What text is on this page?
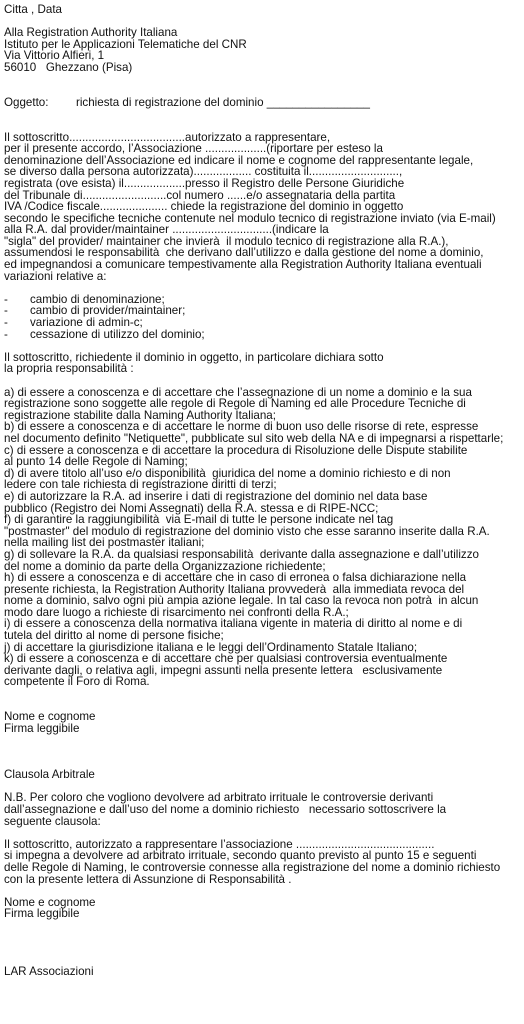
Citta , Data
Alla Registration Authority Italiana
Istituto per le Applicazioni Telematiche del CNR
Via Vittorio Alfieri, 1
56010   Ghezzano (Pisa)
Oggetto: richiesta di registrazione del dominio ________________
Il sottoscritto....................................autorizzato a rappresentare,
per il presente accordo, l’Associazione ...................(riportare per esteso la
denominazione dell’Associazione ed indicare il nome e cognome del rappresentante legale,
se diverso dalla persona autorizzata).................. costituita il............................,
registrata (ove esista) il...................presso il Registro delle Persone Giuridiche
del Tribunale di..........................col numero ......e/o assegnataria della partita
IVA /Codice fiscale..................... chiede la registrazione del dominio in oggetto
secondo le specifiche tecniche contenute nel modulo tecnico di registrazione inviato (via E-mail)
alla R.A. dal provider/maintainer ...............................(indicare la
"sigla" del provider/ maintainer che invierà  il modulo tecnico di registrazione alla R.A.),
assumendosi le responsabilità  che derivano dall’utilizzo e dalla gestione del nome a dominio,
ed impegnandosi a comunicare tempestivamente alla Registration Authority Italiana eventuali
variazioni relative a:
-	cambio di denominazione;
-	cambio di provider/maintainer;
-	variazione di admin-c;
-	cessazione di utilizzo del dominio;
Il sottoscritto, richiedente il dominio in oggetto, in particolare dichiara sotto
la propria responsabilità :
a) di essere a conoscenza e di accettare che l’assegnazione di un nome a dominio e la sua
registrazione sono soggette alle regole di Regole di Naming ed alle Procedure Tecniche di
registrazione stabilite dalla Naming Authority Italiana;
b) di essere a conoscenza e di accettare le norme di buon uso delle risorse di rete, espresse
nel documento definito "Netiquette", pubblicate sul sito web della NA e di impegnarsi a rispettarle;
c) di essere a conoscenza e di accettare la procedura di Risoluzione delle Dispute stabilite
al punto 14 delle Regole di Naming;
d) di avere titolo all’uso e/o disponibilità  giuridica del nome a dominio richiesto e di non
ledere con tale richiesta di registrazione diritti di terzi;
e) di autorizzare la R.A. ad inserire i dati di registrazione del dominio nel data base
pubblico (Registro dei Nomi Assegnati) della R.A. stessa e di RIPE-NCC;
f) di garantire la raggiungibilità  via E-mail di tutte le persone indicate nel tag
"postmaster" del modulo di registrazione del dominio visto che esse saranno inserite dalla R.A.
nella mailing list dei postmaster italiani;
g) di sollevare la R.A. da qualsiasi responsabilità  derivante dalla assegnazione e dall’utilizzo
del nome a dominio da parte della Organizzazione richiedente;
h) di essere a conoscenza e di accettare che in caso di erronea o falsa dichiarazione nella
presente richiesta, la Registration Authority Italiana provvederà  alla immediata revoca del
nome a dominio, salvo ogni più ampia azione legale. In tal caso la revoca non potrà  in alcun
modo dare luogo a richieste di risarcimento nei confronti della R.A.;
i) di essere a conoscenza della normativa italiana vigente in materia di diritto al nome e di
tutela del diritto al nome di persone fisiche;
j) di accettare la giurisdizione italiana e le leggi dell’Ordinamento Statale Italiano;
k) di essere a conoscenza e di accettare che per qualsiasi controversia eventualmente
derivante dagli, o relativa agli, impegni assunti nella presente lettera   esclusivamente
competente il Foro di Roma.
Nome e cognome
Firma leggibile
Clausola Arbitrale
N.B. Per coloro che vogliono devolvere ad arbitrato irrituale le controversie derivanti
dall’assegnazione e dall’uso del nome a dominio richiesto   necessario sottoscrivere la
seguente clausola:
Il sottoscritto, autorizzato a rappresentare l’associazione ...........................................
si impegna a devolvere ad arbitrato irrituale, secondo quanto previsto al punto 15 e seguenti
delle Regole di Naming, le controversie connesse alla registrazione del nome a dominio richiesto
con la presente lettera di Assunzione di Responsabilità .
Nome e cognome
Firma leggibile
LAR Associazioni
